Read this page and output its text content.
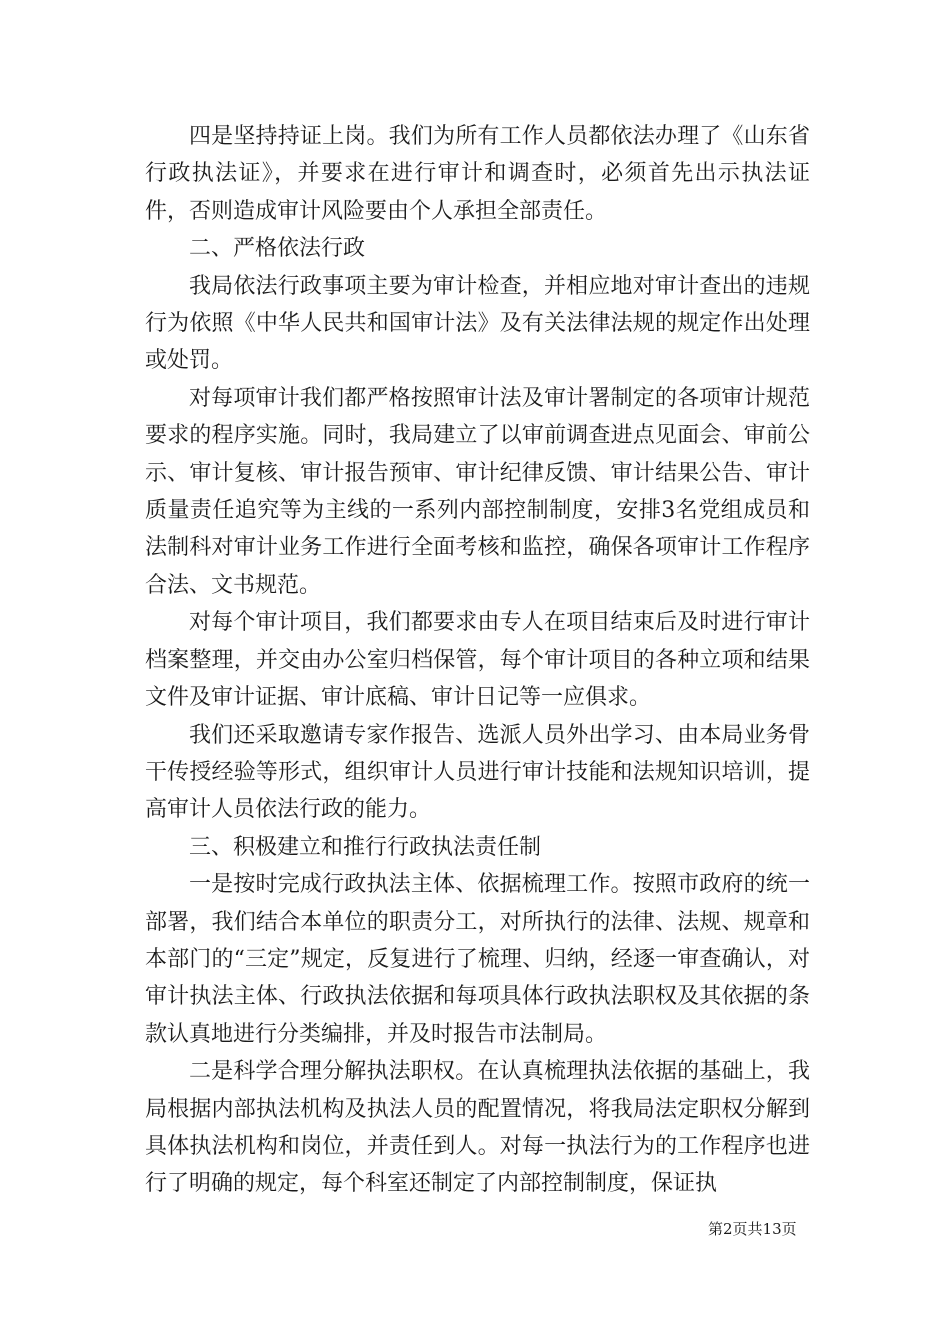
四是坚持持证上岗。我们为所有工作人员都依法办理了《山东省行政执法证》，并要求在进行审计和调查时，必须首先出示执法证件，否则造成审计风险要由个人承担全部责任。

二、严格依法行政

我局依法行政事项主要为审计检查，并相应地对审计查出的违规行为依照《中华人民共和国审计法》及有关法律法规的规定作出处理或处罚。

对每项审计我们都严格按照审计法及审计署制定的各项审计规范要求的程序实施。同时，我局建立了以审前调查进点见面会、审前公示、审计复核、审计报告预审、审计纪律反馈、审计结果公告、审计质量责任追究等为主线的一系列内部控制制度，安排3名党组成员和法制科对审计业务工作进行全面考核和监控，确保各项审计工作程序合法、文书规范。

对每个审计项目，我们都要求由专人在项目结束后及时进行审计档案整理，并交由办公室归档保管，每个审计项目的各种立项和结果文件及审计证据、审计底稿、审计日记等一应俱求。

我们还采取邀请专家作报告、选派人员外出学习、由本局业务骨干传授经验等形式，组织审计人员进行审计技能和法规知识培训，提高审计人员依法行政的能力。

三、积极建立和推行行政执法责任制

一是按时完成行政执法主体、依据梳理工作。按照市政府的统一部署，我们结合本单位的职责分工，对所执行的法律、法规、规章和本部门的“三定”规定，反复进行了梳理、归纳，经逐一审查确认，对审计执法主体、行政执法依据和每项具体行政执法职权及其依据的条款认真地进行分类编排，并及时报告市法制局。

二是科学合理分解执法职权。在认真梳理执法依据的基础上，我局根据内部执法机构及执法人员的配置情况，将我局法定职权分解到具体执法机构和岗位，并责任到人。对每一执法行为的工作程序也进行了明确的规定，每个科室还制定了内部控制制度，保证执

第2页共13页
